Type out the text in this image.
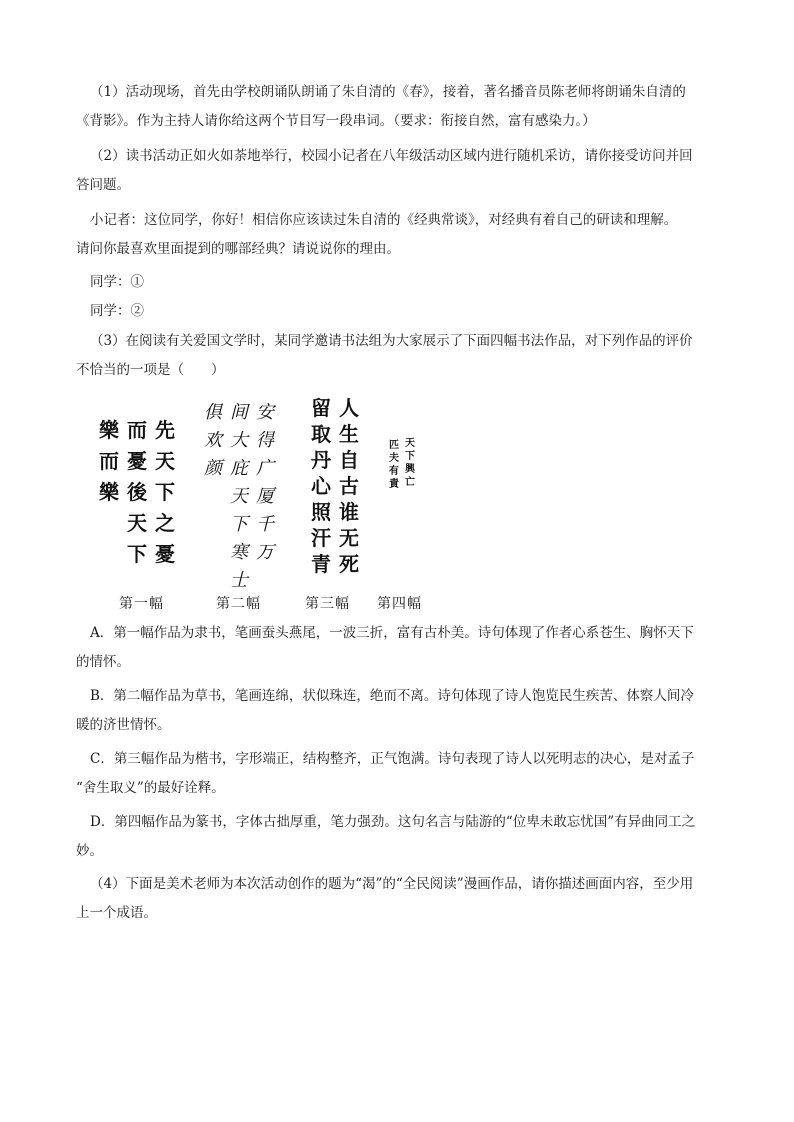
（1）活动现场，首先由学校朗诵队朗诵了朱自清的《春》，接着，著名播音员陈老师将朗诵朱自清的

《背影》。作为主持人请你给这两个节目写一段串词。（要求：衔接自然，富有感染力。）

（2）读书活动正如火如荼地举行，校园小记者在八年级活动区域内进行随机采访，请你接受访问并回

答问题。

小记者：这位同学，你好！相信你应该读过朱自清的《经典常谈》，对经典有着自己的研读和理解。

请问你最喜欢里面提到的哪部经典？请说说你的理由。

同学：①

同学：②

（3）在阅读有关爱国文学时，某同学邀请书法组为大家展示了下面四幅书法作品，对下列作品的评价

不恰当的一项是（　　）

先天下之憂
而憂後天下
樂而樂
安得广厦千万
间大庇天下寒士
俱欢颜
人生自古谁无死
留取丹心照汗青
天下興亡
匹夫有責
第一幅	第二幅	第三幅 第四幅

A．第一幅作品为隶书，笔画蚕头燕尾，一波三折，富有古朴美。诗句体现了作者心系苍生、胸怀天下

的情怀。

B．第二幅作品为草书，笔画连绵，状似珠连，绝而不离。诗句体现了诗人饱览民生疾苦、体察人间冷

暖的济世情怀。

C．第三幅作品为楷书，字形端正，结构整齐，正气饱满。诗句表现了诗人以死明志的决心，是对孟子

“舍生取义”的最好诠释。

D．第四幅作品为篆书，字体古拙厚重，笔力强劲。这句名言与陆游的“位卑未敢忘忧国”有异曲同工之

妙。

（4）下面是美术老师为本次活动创作的题为“渴”的“全民阅读”漫画作品，请你描述画面内容，至少用

上一个成语。
